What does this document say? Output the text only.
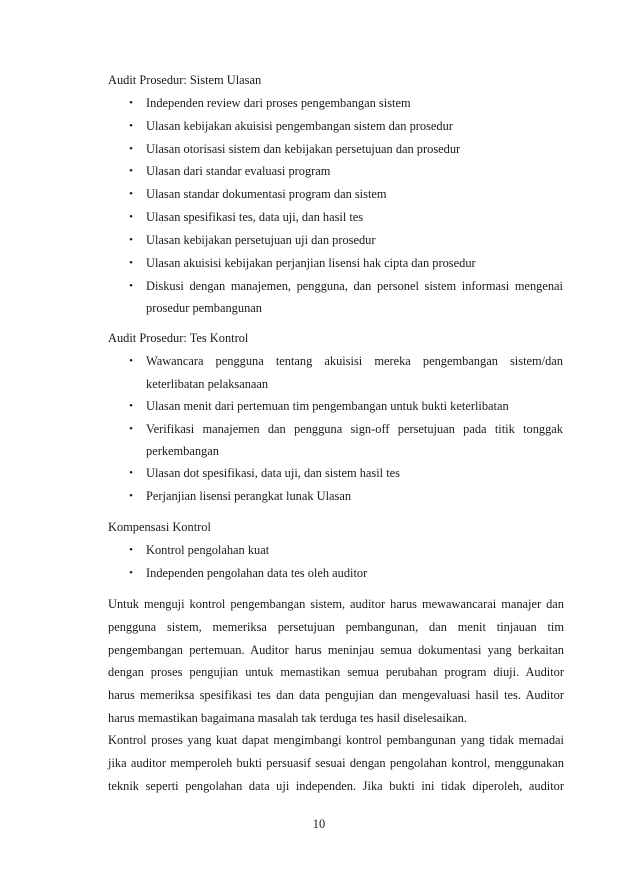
Audit Prosedur: Sistem Ulasan
•	Independen review dari proses pengembangan sistem
•	Ulasan kebijakan akuisisi pengembangan sistem dan prosedur
•	Ulasan otorisasi sistem dan kebijakan persetujuan dan prosedur
•	Ulasan dari standar evaluasi program
•	Ulasan standar dokumentasi program dan sistem
•	Ulasan spesifikasi tes, data uji, dan hasil tes
•	Ulasan kebijakan persetujuan uji dan prosedur
•	Ulasan akuisisi kebijakan perjanjian lisensi hak cipta dan prosedur
•	Diskusi dengan manajemen, pengguna, dan personel sistem informasi mengenai
prosedur pembangunan
Audit Prosedur: Tes Kontrol
•	Wawancara pengguna tentang akuisisi mereka pengembangan sistem/dan
keterlibatan pelaksanaan
•	Ulasan menit dari pertemuan tim pengembangan untuk bukti keterlibatan
•	Verifikasi manajemen dan pengguna sign-off persetujuan pada titik tonggak
perkembangan
•	Ulasan dot spesifikasi, data uji, dan sistem hasil tes
•	Perjanjian lisensi perangkat lunak Ulasan
Kompensasi Kontrol
•	Kontrol pengolahan kuat
•	Independen pengolahan data tes oleh auditor
Untuk menguji kontrol pengembangan sistem, auditor harus mewawancarai manajer dan
pengguna sistem, memeriksa persetujuan pembangunan, dan menit tinjauan tim
pengembangan pertemuan. Auditor harus meninjau semua dokumentasi yang berkaitan
dengan proses pengujian untuk memastikan semua perubahan program diuji. Auditor
harus memeriksa spesifikasi tes dan data pengujian dan mengevaluasi hasil tes. Auditor
harus memastikan bagaimana masalah tak terduga tes hasil diselesaikan.
Kontrol proses yang kuat dapat mengimbangi kontrol pembangunan yang tidak memadai
jika auditor memperoleh bukti persuasif sesuai dengan pengolahan kontrol, menggunakan
teknik seperti pengolahan data uji independen. Jika bukti ini tidak diperoleh, auditor
10
